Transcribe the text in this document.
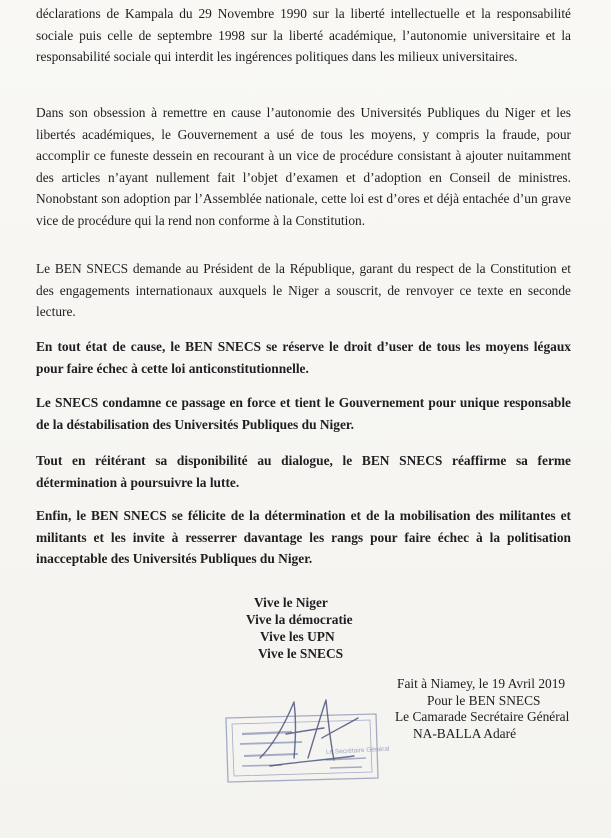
déclarations de Kampala du 29 Novembre 1990 sur la liberté intellectuelle et la responsabilité sociale puis celle de septembre 1998 sur la liberté académique, l’autonomie universitaire et la responsabilité sociale qui interdit les ingérences politiques dans les milieux universitaires.

Dans son obsession à remettre en cause l’autonomie des Universités Publiques du Niger et les libertés académiques, le Gouvernement a usé de tous les moyens, y compris la fraude, pour accomplir ce funeste dessein en recourant à un vice de procédure consistant à ajouter nuitamment des articles n’ayant nullement fait l’objet d’examen et d’adoption en Conseil de ministres. Nonobstant son adoption par l’Assemblée nationale, cette loi est d’ores et déjà entachée d’un grave vice de procédure qui la rend non conforme à la Constitution.

Le BEN SNECS demande au Président de la République, garant du respect de la Constitution et des engagements internationaux auxquels le Niger a souscrit, de renvoyer ce texte en seconde lecture.

En tout état de cause, le BEN SNECS se réserve le droit d’user de tous les moyens légaux pour faire échec à cette loi anticonstitutionnelle.

Le SNECS condamne ce passage en force et tient le Gouvernement pour unique responsable de la déstabilisation des Universités Publiques du Niger.

Tout en réitérant sa disponibilité au dialogue, le BEN SNECS réaffirme sa ferme détermination à poursuivre la lutte.

Enfin, le BEN SNECS se félicite de la détermination et de la mobilisation des militantes et militants et les invite à resserrer davantage les rangs pour faire échec à la politisation inacceptable des Universités Publiques du Niger.

Vive le Niger
Vive la démocratie
Vive les UPN
Vive le SNECS
Fait à Niamey, le 19 Avril 2019
Pour le BEN SNECS
Le Camarade Secrétaire Général
NA-BALLA Adaré
Le Secrétaire Général
